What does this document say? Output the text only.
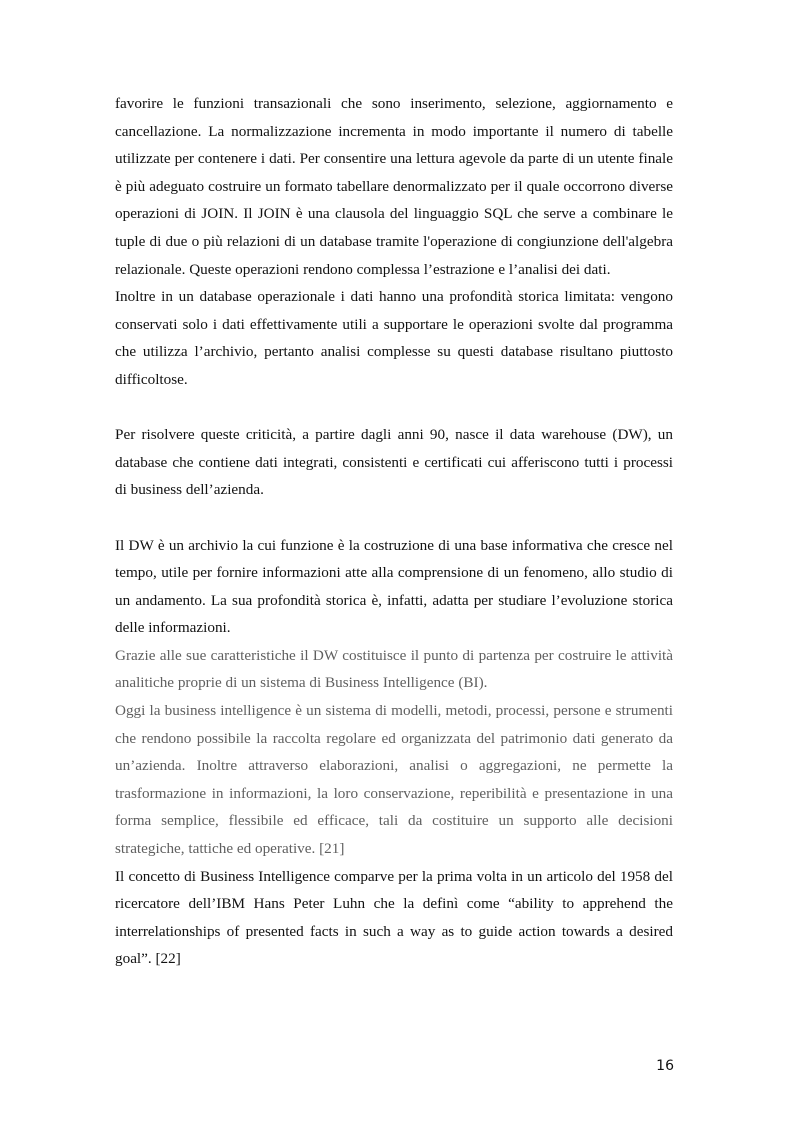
favorire le funzioni transazionali che sono inserimento, selezione, aggiornamento e cancellazione. La normalizzazione incrementa in modo importante il numero di tabelle utilizzate per contenere i dati. Per consentire una lettura agevole da parte di un utente finale è più adeguato costruire un formato tabellare denormalizzato per il quale occorrono diverse operazioni di JOIN. Il JOIN è una clausola del linguaggio SQL che serve a combinare le tuple di due o più relazioni di un database tramite l'operazione di congiunzione dell'algebra relazionale. Queste operazioni rendono complessa l’estrazione e l’analisi dei dati.

Inoltre in un database operazionale i dati hanno una profondità storica limitata: vengono conservati solo i dati effettivamente utili a supportare le operazioni svolte dal programma che utilizza l’archivio, pertanto analisi complesse su questi database risultano piuttosto difficoltose.

Per risolvere queste criticità, a partire dagli anni 90, nasce il data warehouse (DW), un database che contiene dati integrati, consistenti e certificati cui afferiscono tutti i processi di business dell’azienda.

Il DW è un archivio la cui funzione è la costruzione di una base informativa che cresce nel tempo, utile per fornire informazioni atte alla comprensione di un fenomeno, allo studio di un andamento. La sua profondità storica è, infatti, adatta per studiare l’evoluzione storica delle informazioni.

Grazie alle sue caratteristiche il DW costituisce il punto di partenza per costruire le attività analitiche proprie di un sistema di Business Intelligence (BI).

Oggi la business intelligence è un sistema di modelli, metodi, processi, persone e strumenti che rendono possibile la raccolta regolare ed organizzata del patrimonio dati generato da un’azienda. Inoltre attraverso elaborazioni, analisi o aggregazioni, ne permette la trasformazione in informazioni, la loro conservazione, reperibilità e presentazione in una forma semplice, flessibile ed efficace, tali da costituire un supporto alle decisioni strategiche, tattiche ed operative. [21]

Il concetto di Business Intelligence comparve per la prima volta in un articolo del 1958 del ricercatore dell’IBM Hans Peter Luhn che la definì come “ability to apprehend the interrelationships of presented facts in such a way as to guide action towards a desired goal”. [22]

16
